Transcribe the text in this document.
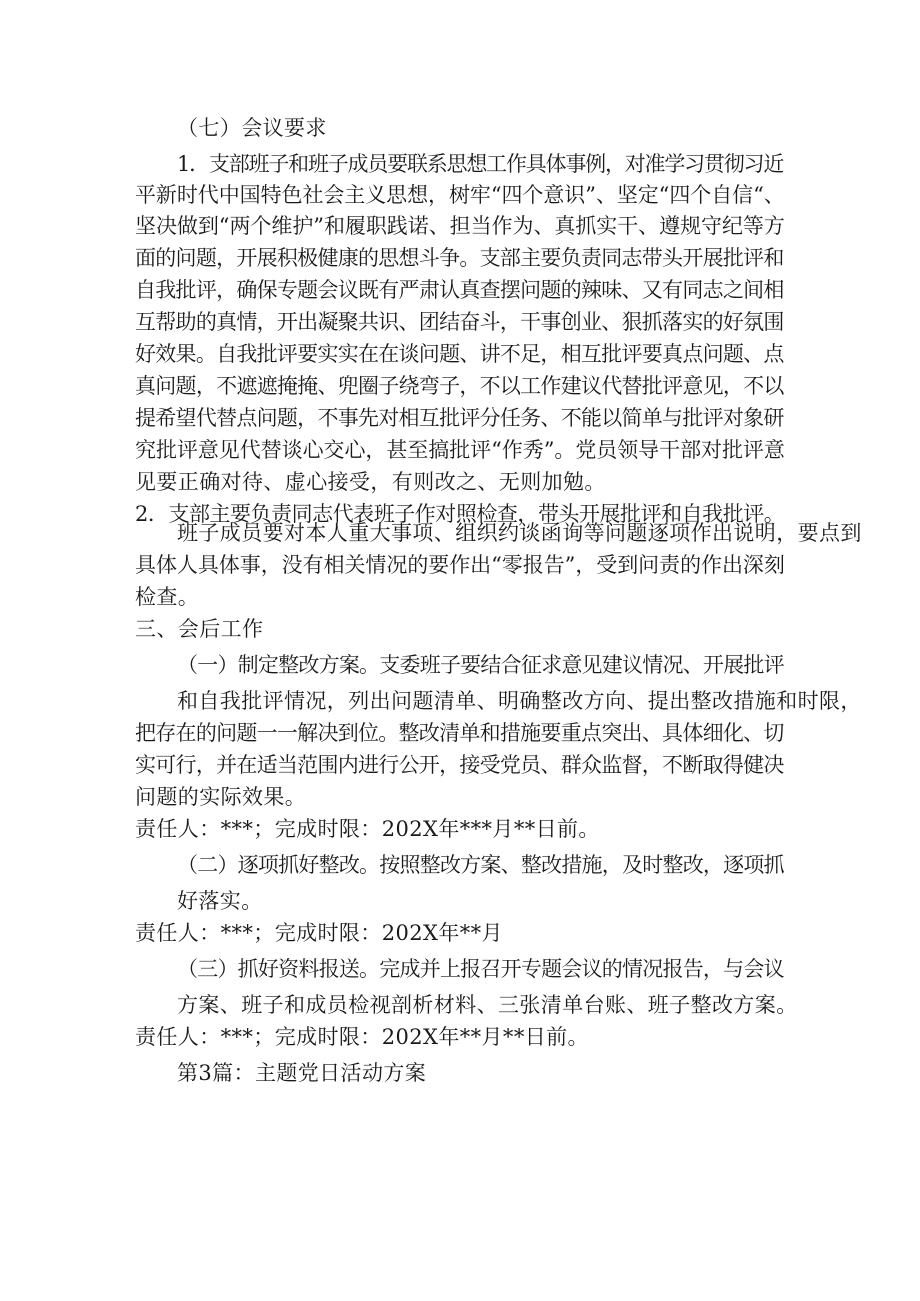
（七）会议要求
1．支部班子和班子成员要联系思想工作具体事例，对准学习贯彻习近
平新时代中国特色社会主义思想，树牢“四个意识”、坚定“四个自信“、
坚决做到“两个维护”和履职践诺、担当作为、真抓实干、遵规守纪等方
面的问题，开展积极健康的思想斗争。支部主要负责同志带头开展批评和
自我批评，确保专题会议既有严肃认真查摆问题的辣味、又有同志之间相
互帮助的真情，开出凝聚共识、团结奋斗，干事创业、狠抓落实的好氛围
好效果。自我批评要实实在在谈问题、讲不足，相互批评要真点问题、点
真问题，不遮遮掩掩、兜圈子绕弯子，不以工作建议代替批评意见，不以
提希望代替点问题，不事先对相互批评分任务、不能以简单与批评对象研
究批评意见代替谈心交心，甚至搞批评“作秀”。党员领导干部对批评意
见要正确对待、虚心接受，有则改之、无则加勉。
2．支部主要负责同志代表班子作对照检查，带头开展批评和自我批评。
班子成员要对本人重大事项、组织约谈函询等问题逐项作出说明，要点到
具体人具体事，没有相关情况的要作出“零报告”，受到问责的作出深刻
检查。
三、会后工作
（一）制定整改方案。支委班子要结合征求意见建议情况、开展批评
和自我批评情况，列出问题清单、明确整改方向、提出整改措施和时限，
把存在的问题一一解决到位。整改清单和措施要重点突出、具体细化、切
实可行，并在适当范围内进行公开，接受党员、群众监督，不断取得健决
问题的实际效果。
责任人：***；完成时限：202X年***月**日前。
（二）逐项抓好整改。按照整改方案、整改措施，及时整改，逐项抓
好落实。
责任人：***；完成时限：202X年**月
（三）抓好资料报送。完成并上报召开专题会议的情况报告，与会议
方案、班子和成员检视剖析材料、三张清单台账、班子整改方案。
责任人：***；完成时限：202X年**月**日前。
第3篇：主题党日活动方案
